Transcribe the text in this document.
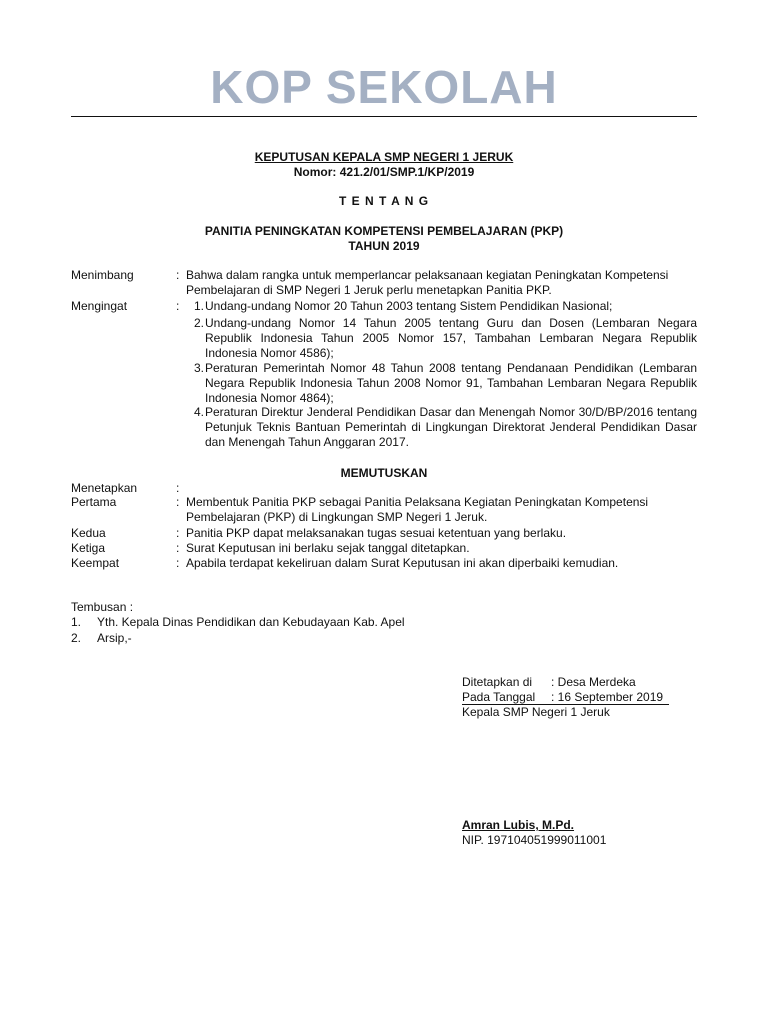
KOP SEKOLAH
KEPUTUSAN KEPALA SMP NEGERI 1 JERUK
Nomor: 421.2/01/SMP.1/KP/2019
T E N T A N G
PANITIA PENINGKATAN KOMPETENSI PEMBELAJARAN (PKP)
TAHUN 2019
Menimbang	: Bahwa dalam rangka untuk memperlancar pelaksanaan kegiatan Peningkatan Kompetensi
Pembelajaran di SMP Negeri 1 Jeruk perlu menetapkan Panitia PKP.
Mengingat	:	1. Undang-undang Nomor 20 Tahun 2003 tentang Sistem Pendidikan Nasional;
2. Undang-undang Nomor 14 Tahun 2005 tentang Guru dan Dosen (Lembaran Negara Republik Indonesia Tahun 2005 Nomor 157, Tambahan Lembaran Negara Republik Indonesia Nomor 4586);
3. Peraturan Pemerintah Nomor 48 Tahun 2008 tentang Pendanaan Pendidikan (Lembaran Negara Republik Indonesia Tahun 2008 Nomor 91, Tambahan Lembaran Negara Republik Indonesia Nomor 4864);
4. Peraturan Direktur Jenderal Pendidikan Dasar dan Menengah Nomor 30/D/BP/2016 tentang Petunjuk Teknis Bantuan Pemerintah di Lingkungan Direktorat Jenderal Pendidikan Dasar dan Menengah Tahun Anggaran 2017.
MEMUTUSKAN
Menetapkan	:
Pertama	: Membentuk Panitia PKP sebagai Panitia Pelaksana Kegiatan Peningkatan Kompetensi
Pembelajaran (PKP) di Lingkungan SMP Negeri 1 Jeruk.
Kedua	: Panitia PKP dapat melaksanakan tugas sesuai ketentuan yang berlaku.
Ketiga	: Surat Keputusan ini berlaku sejak tanggal ditetapkan.
Keempat	: Apabila terdapat kekeliruan dalam Surat Keputusan ini akan diperbaiki kemudian.
Tembusan :
1. Yth. Kepala Dinas Pendidikan dan Kebudayaan Kab. Apel
2. Arsip,-
Ditetapkan di : Desa Merdeka
Pada Tanggal : 16 September 2019
Kepala SMP Negeri 1 Jeruk
Amran Lubis, M.Pd.
NIP. 197104051999011001
